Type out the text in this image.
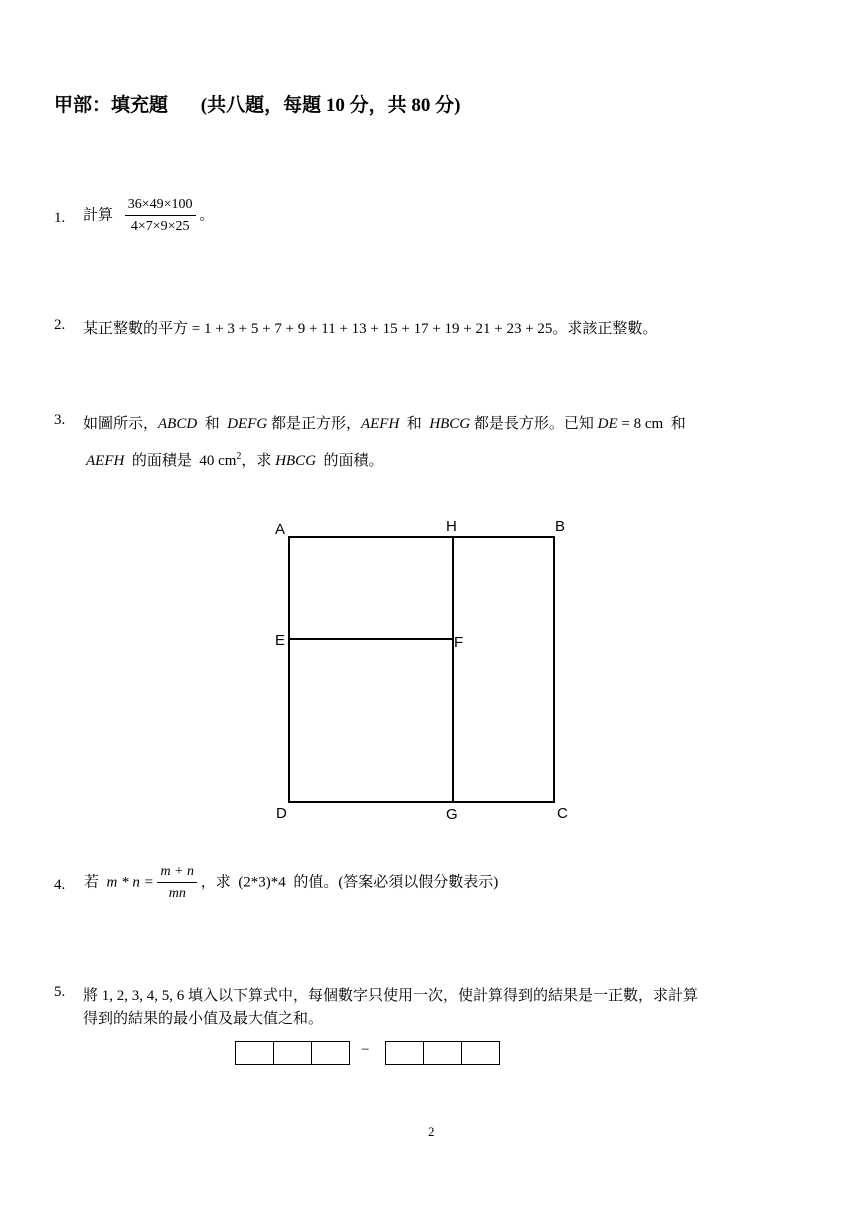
甲部：填充題 (共八題，每題 10 分，共 80 分)
1. 計算 $\frac{36\times 49\times 100}{4\times 7\times 9\times 25}$ 。
2. 某正整數的平方 = 1 + 3 + 5 + 7 + 9 + 11 + 13 + 15 + 17 + 19 + 21 + 23 + 25。求該正整數。
3. 如圖所示，ABCD 和 DEFG 都是正方形，AEFH 和 HBCG 都是長方形。已知 DE = 8 cm 和
AEFH 的面積是 40 $cm^2$，求 HBCG 的面積。
A	H	B
E	F
D	G	C
4. 若 $m * n = \frac{m + n}{mn}$ ，求 (2*3)*4 的值。(答案必須以假分數表示)
5. 將 1, 2, 3, 4, 5, 6 填入以下算式中，每個數字只使用一次，使計算得到的結果是一正數，求計算
得到的結果的最小值及最大值之和。
−
2
